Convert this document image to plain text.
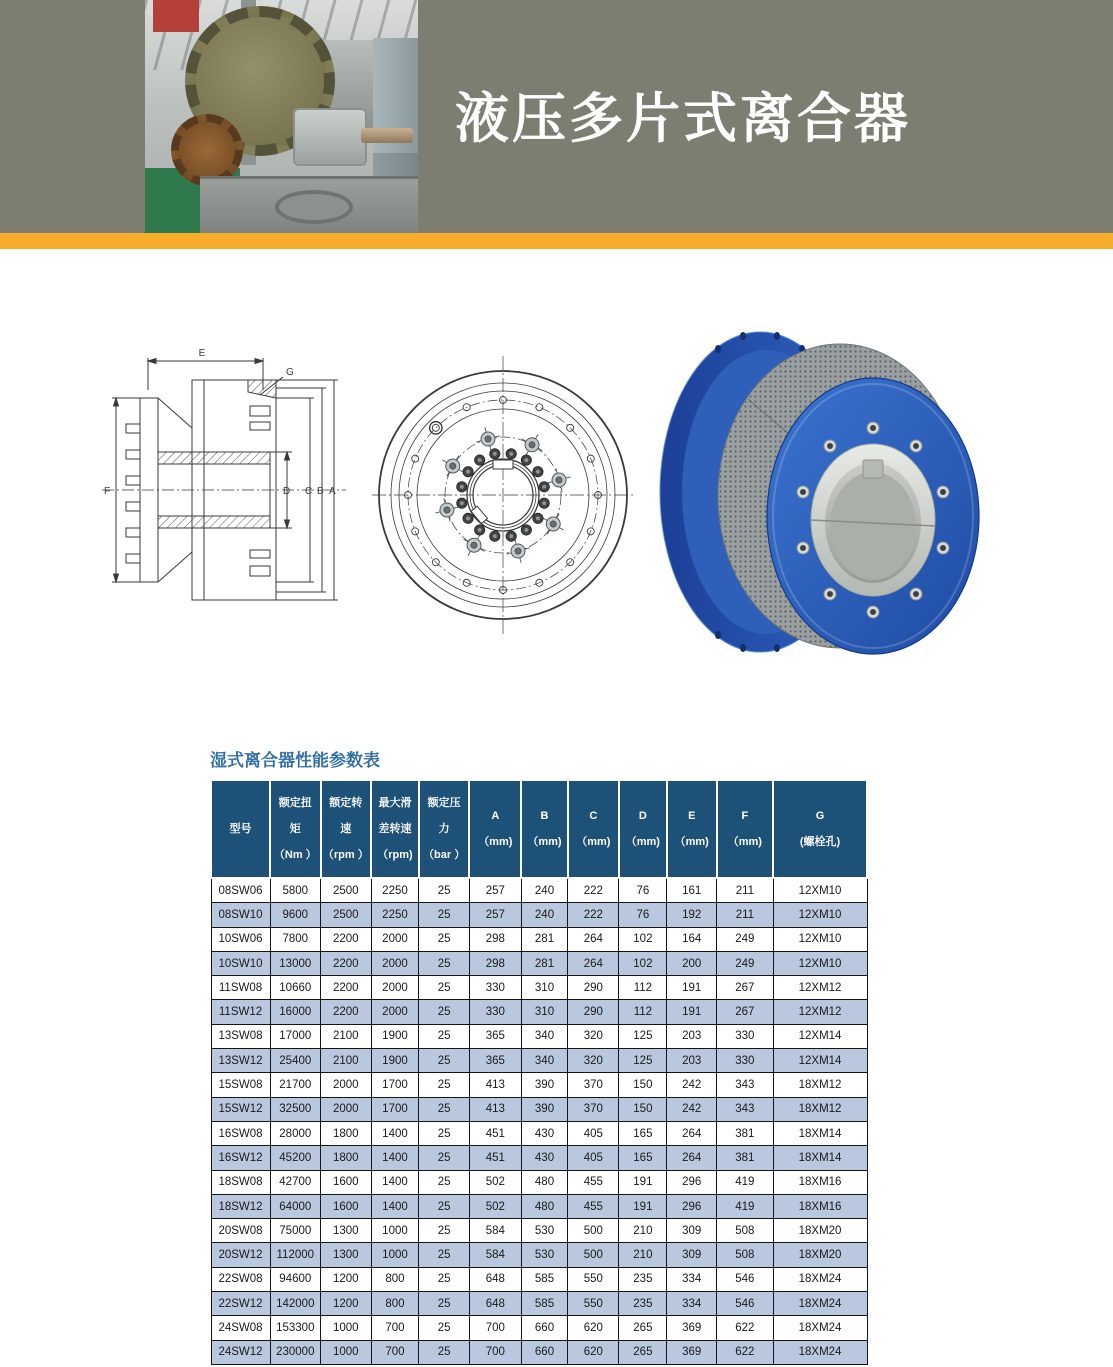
液压多片式离合器
E
G
F	D C B A
湿式离合器性能参数表
型号

额定扭
矩
（Nm ）

额定转
速
（rpm ）

最大滑
差转速
（rpm)

额定压
力
（bar ）

A
（mm)

B
（mm)

C
（mm)

D
（mm)

E
（mm)

F
（mm)

G
(螺栓孔)

08SW06	5800	2500	2250	25	257	240	222	76	161	211	12XM10
08SW10	9600	2500	2250	25	257	240	222	76	192	211	12XM10
10SW06	7800	2200	2000	25	298	281	264	102	164	249	12XM10
10SW10	13000	2200	2000	25	298	281	264	102	200	249	12XM10
11SW08	10660	2200	2000	25	330	310	290	112	191	267	12XM12
11SW12	16000	2200	2000	25	330	310	290	112	191	267	12XM12
13SW08	17000	2100	1900	25	365	340	320	125	203	330	12XM14
13SW12	25400	2100	1900	25	365	340	320	125	203	330	12XM14
15SW08	21700	2000	1700	25	413	390	370	150	242	343	18XM12
15SW12	32500	2000	1700	25	413	390	370	150	242	343	18XM12
16SW08	28000	1800	1400	25	451	430	405	165	264	381	18XM14
16SW12	45200	1800	1400	25	451	430	405	165	264	381	18XM14
18SW08	42700	1600	1400	25	502	480	455	191	296	419	18XM16
18SW12	64000	1600	1400	25	502	480	455	191	296	419	18XM16
20SW08	75000	1300	1000	25	584	530	500	210	309	508	18XM20
20SW12	112000	1300	1000	25	584	530	500	210	309	508	18XM20
22SW08	94600	1200	800	25	648	585	550	235	334	546	18XM24
22SW12	142000	1200	800	25	648	585	550	235	334	546	18XM24
24SW08	153300	1000	700	25	700	660	620	265	369	622	18XM24
24SW12	230000	1000	700	25	700	660	620	265	369	622	18XM24
